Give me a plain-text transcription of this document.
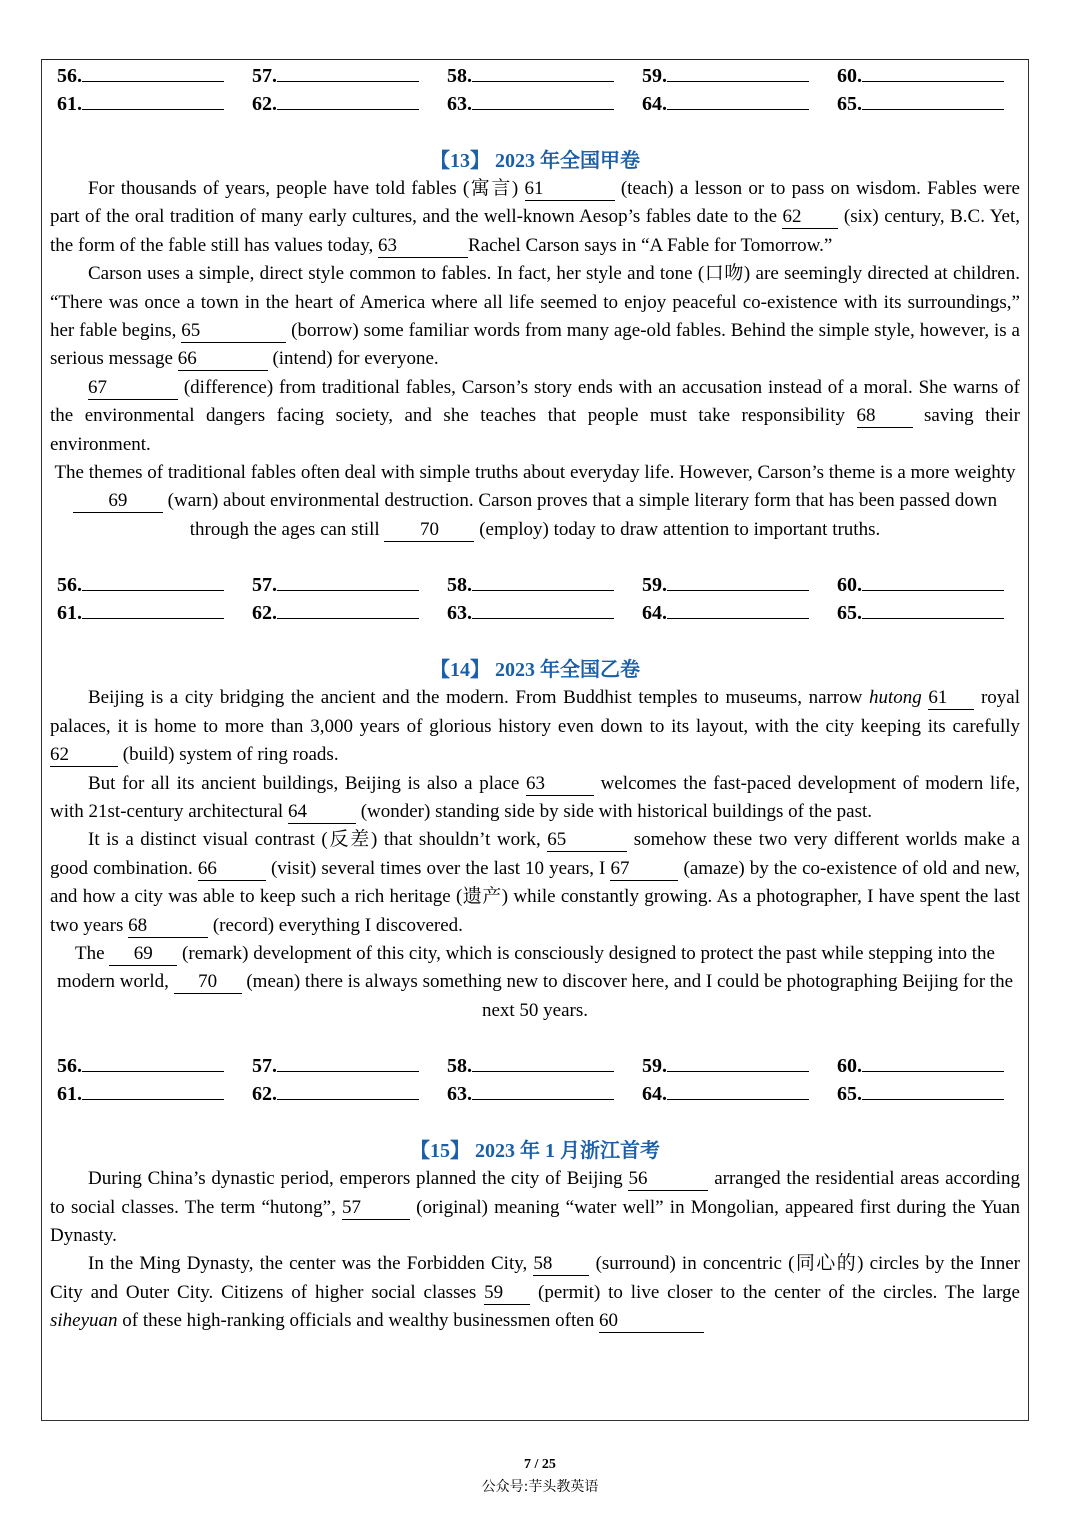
56.	57.	58.	59.	60.
61.	62.	63.	64.	65.
【13】 2023 年全国甲卷

For thousands of years, people have told fables (寓言) 61	(teach) a lesson or to pass on wisdom. Fables were part of the oral tradition of many early cultures, and the well-known Aesop’s fables date to the 62 (six) century, B.C. Yet, the form of the fable still has values today, 63	Rachel Carson says in “A Fable for Tomorrow.”

Carson uses a simple, direct style common to fables. In fact, her style and tone (口吻) are seemingly directed at children. “There was once a town in the heart of America where all life seemed to enjoy peaceful co-existence with its surroundings,” her fable begins, 65	(borrow) some familiar words from many age-old fables. Behind the simple style, however, is a serious message 66	(intend) for everyone.

67	(difference) from traditional fables, Carson’s story ends with an accusation instead of a moral. She warns of the environmental dangers facing society, and she teaches that people must take responsibility 68 saving their environment.

The themes of traditional fables often deal with simple truths about everyday life. However, Carson’s theme is a more weighty 69 (warn) about environmental destruction. Carson proves that a simple literary form that has been passed down through the ages can still 70 (employ) today to draw attention to important truths.

56.	57.	58.	59.	60.
61.	62.	63.	64.	65.
【14】 2023 年全国乙卷

Beijing is a city bridging the ancient and the modern. From Buddhist temples to museums, narrow hutong 61 royal palaces, it is home to more than 3,000 years of glorious history even down to its layout, with the city keeping its carefully 62	(build) system of ring roads.

But for all its ancient buildings, Beijing is also a place 63	welcomes the fast-paced development of modern life, with 21st-century architectural 64	(wonder) standing side by side with historical buildings of the past.

It is a distinct visual contrast (反差) that shouldn’t work, 65	somehow these two very different worlds make a good combination. 66	(visit) several times over the last 10 years, I 67	(amaze) by the co-existence of old and new, and how a city was able to keep such a rich heritage (遗产) while constantly growing. As a photographer, I have spent the last two years 68	(record) everything I discovered.

The 69 (remark) development of this city, which is consciously designed to protect the past while stepping into the modern world, 70 (mean) there is always something new to discover here, and I could be photographing Beijing for the next 50 years.

56.	57.	58.	59.	60.
61.	62.	63.	64.	65.
【15】 2023 年 1 月浙江首考

During China’s dynastic period, emperors planned the city of Beijing 56	arranged the residential areas according to social classes. The term “hutong”, 57	(original) meaning “water well” in Mongolian, appeared first during the Yuan Dynasty.

In the Ming Dynasty, the center was the Forbidden City, 58 (surround) in concentric (同心的) circles by the Inner City and Outer City. Citizens of higher social classes 59 (permit) to live closer to the center of the circles. The large siheyuan of these high-ranking officials and wealthy businessmen often 60

7 / 25
公众号:芋头教英语
